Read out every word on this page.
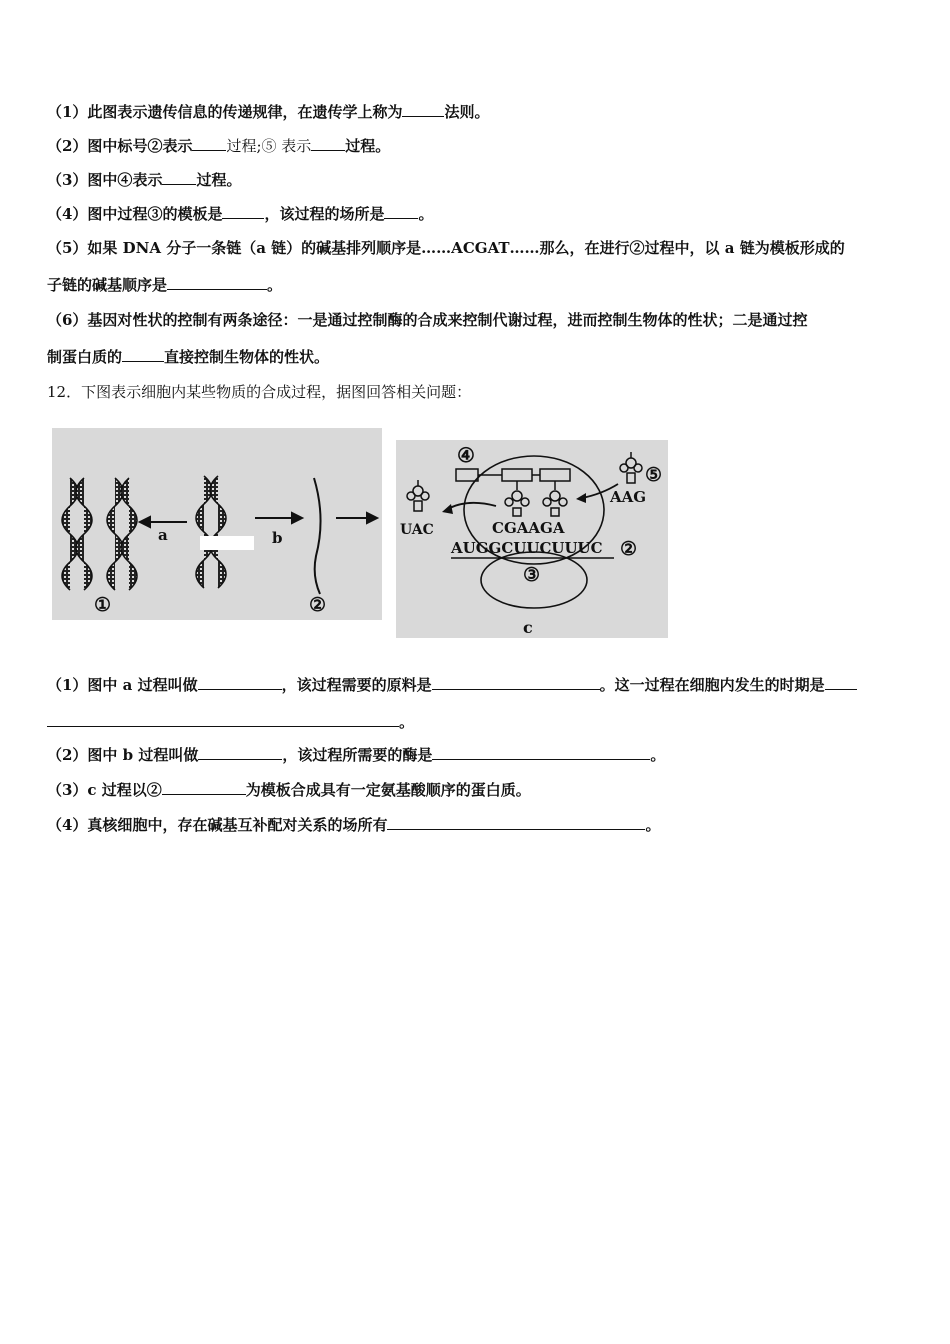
（1）此图表示遗传信息的传递规律，在遗传学上称为	法则。
（2）图中标号②表示 过程;⑤ 表示 过程。
（3）图中④表示 过程。
（4）图中过程③的模板是	，该过程的场所是 。
（5）如果 DNA 分子一条链（a 链）的碱基排列顺序是……ACGAT……那么，在进行②过程中，以 a 链为模板形成的
子链的碱基顺序是	。
（6）基因对性状的控制有两条途径：一是通过控制酶的合成来控制代谢过程，进而控制生物体的性状；二是通过控
制蛋白质的	直接控制生物体的性状。
12．下图表示细胞内某些物质的合成过程，据图回答相关问题：
a	b
①	②
④
UAC
⑤
AAG
CGAAGA
AUGGCUUCUUUC ②
③
c
（1）图中 a 过程叫做	，该过程需要的原料是	。这一过程在细胞内发生的时期是
。
（2）图中 b 过程叫做	，该过程所需要的酶是	。
（3）c 过程以②	为模板合成具有一定氨基酸顺序的蛋白质。
（4）真核细胞中，存在碱基互补配对关系的场所有	。
